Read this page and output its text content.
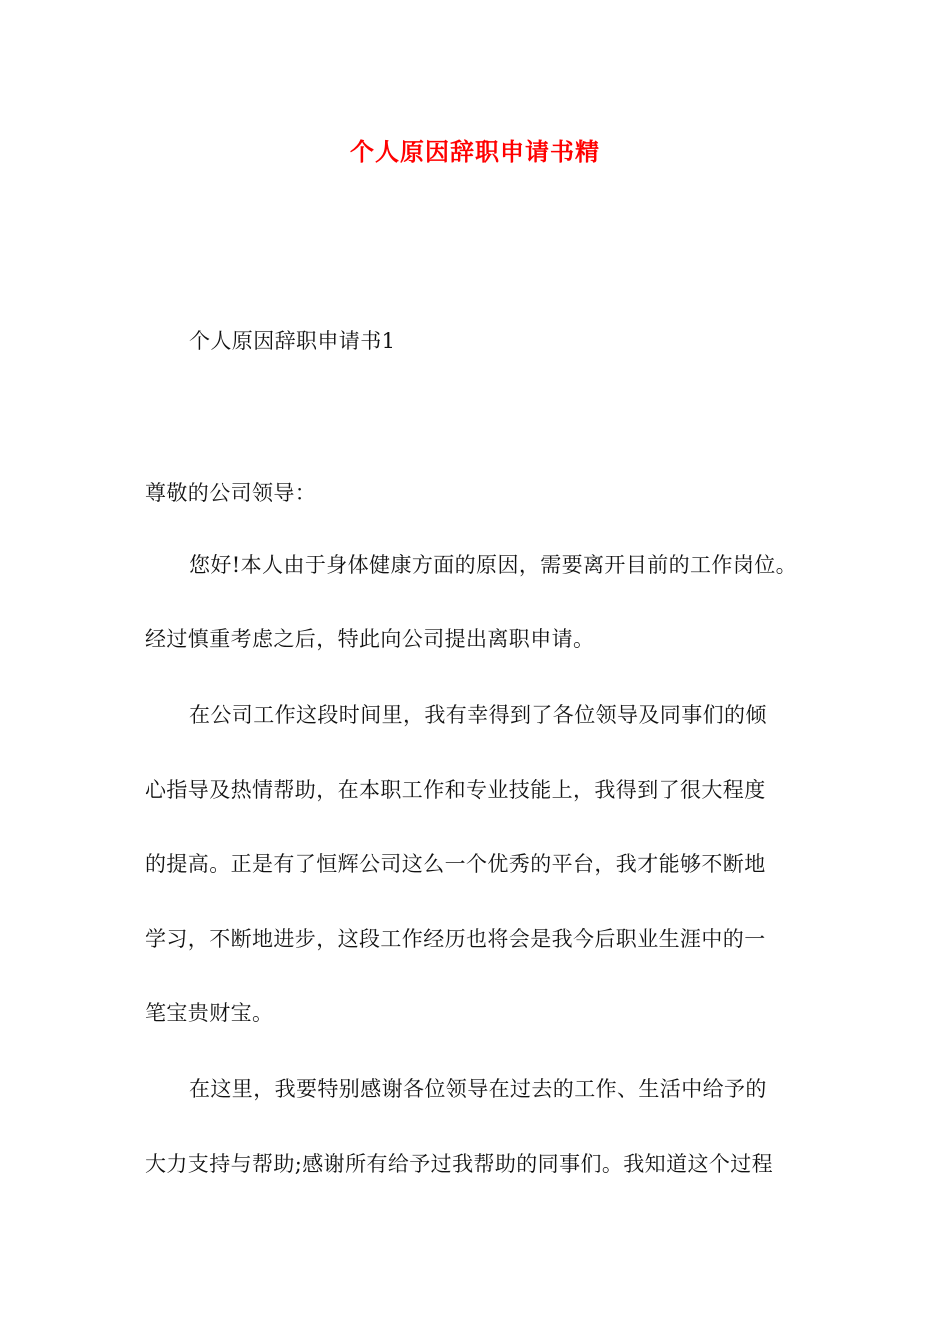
个人原因辞职申请书精
个人原因辞职申请书1
尊敬的公司领导：
您好!本人由于身体健康方面的原因，需要离开目前的工作岗位。
经过慎重考虑之后，特此向公司提出离职申请。
在公司工作这段时间里，我有幸得到了各位领导及同事们的倾
心指导及热情帮助，在本职工作和专业技能上，我得到了很大程度
的提高。正是有了恒辉公司这么一个优秀的平台，我才能够不断地
学习，不断地进步，这段工作经历也将会是我今后职业生涯中的一
笔宝贵财宝。
在这里，我要特别感谢各位领导在过去的工作、生活中给予的
大力支持与帮助;感谢所有给予过我帮助的同事们。我知道这个过程
